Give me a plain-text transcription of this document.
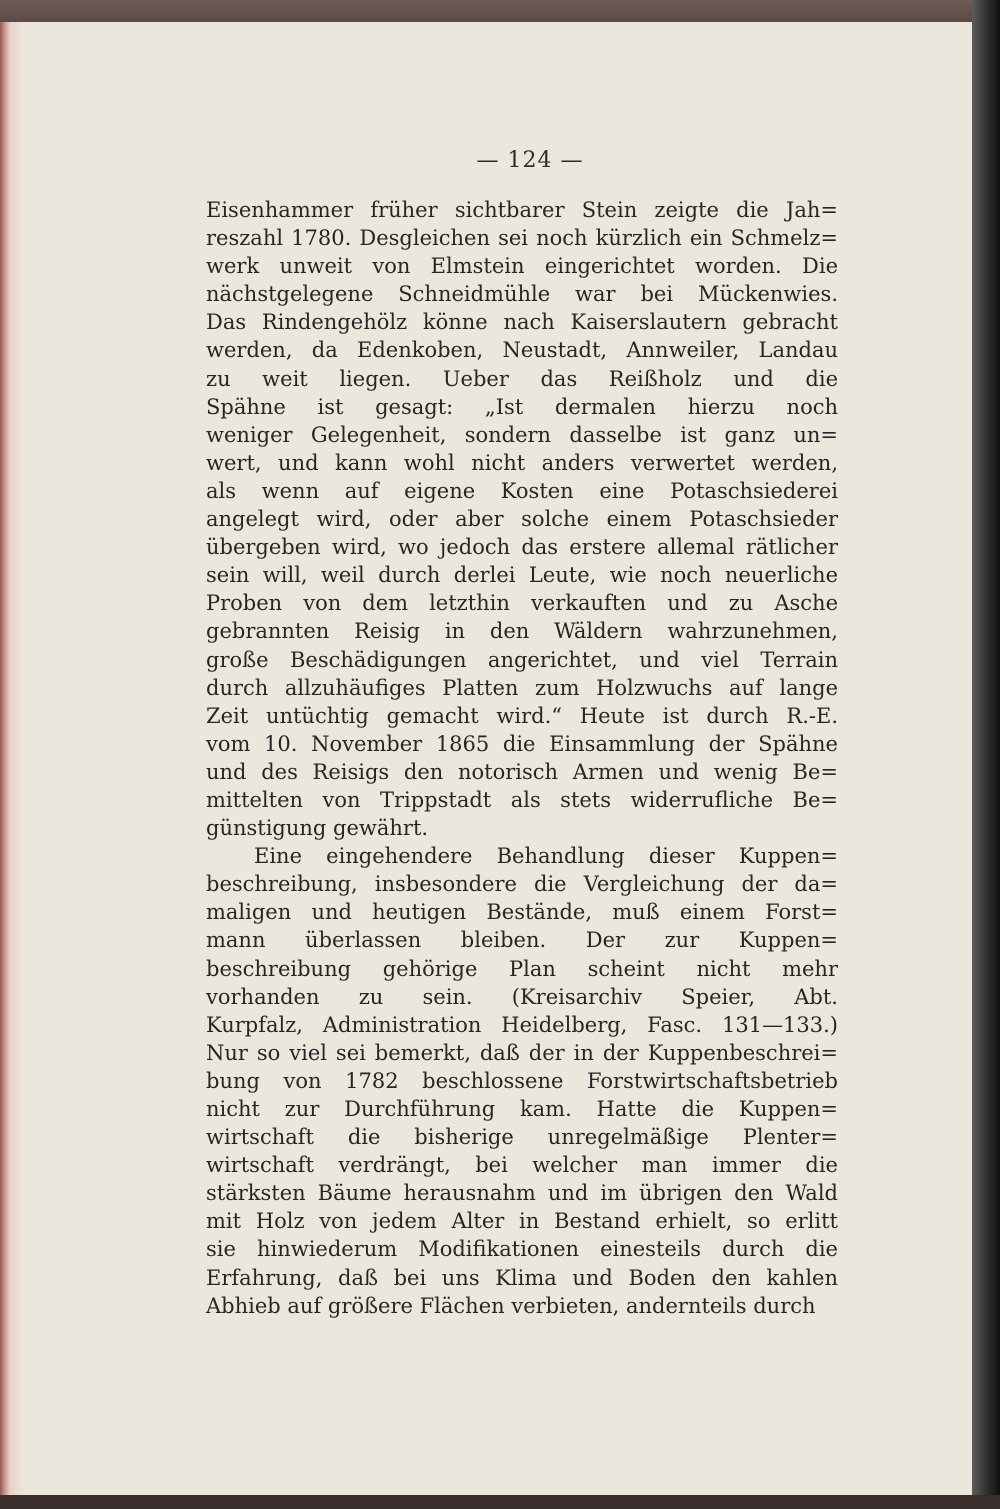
— 124 —
Eisenhammer früher sichtbarer Stein zeigte die Jah=
reszahl 1780. Desgleichen sei noch kürzlich ein Schmelz=
werk unweit von Elmstein eingerichtet worden. Die
nächstgelegene Schneidmühle war bei Mückenwies.
Das Rindengehölz könne nach Kaiserslautern gebracht
werden, da Edenkoben, Neustadt, Annweiler, Landau
zu weit liegen. Ueber das Reißholz und die
Spähne ist gesagt: „Ist dermalen hierzu noch
weniger Gelegenheit, sondern dasselbe ist ganz un=
wert, und kann wohl nicht anders verwertet werden,
als wenn auf eigene Kosten eine Potaschsiederei
angelegt wird, oder aber solche einem Potaschsieder
übergeben wird, wo jedoch das erstere allemal rätlicher
sein will, weil durch derlei Leute, wie noch neuerliche
Proben von dem letzthin verkauften und zu Asche
gebrannten Reisig in den Wäldern wahrzunehmen,
große Beschädigungen angerichtet, und viel Terrain
durch allzuhäufiges Platten zum Holzwuchs auf lange
Zeit untüchtig gemacht wird.“ Heute ist durch R.-E.
vom 10. November 1865 die Einsammlung der Spähne
und des Reisigs den notorisch Armen und wenig Be=
mittelten von Trippstadt als stets widerrufliche Be=
günstigung gewährt.
Eine eingehendere Behandlung dieser Kuppen=
beschreibung, insbesondere die Vergleichung der da=
maligen und heutigen Bestände, muß einem Forst=
mann überlassen bleiben. Der zur Kuppen=
beschreibung gehörige Plan scheint nicht mehr
vorhanden zu sein. (Kreisarchiv Speier, Abt.
Kurpfalz, Administration Heidelberg, Fasc. 131—133.)
Nur so viel sei bemerkt, daß der in der Kuppenbeschrei=
bung von 1782 beschlossene Forstwirtschaftsbetrieb
nicht zur Durchführung kam. Hatte die Kuppen=
wirtschaft die bisherige unregelmäßige Plenter=
wirtschaft verdrängt, bei welcher man immer die
stärksten Bäume herausnahm und im übrigen den Wald
mit Holz von jedem Alter in Bestand erhielt, so erlitt
sie hinwiederum Modifikationen einesteils durch die
Erfahrung, daß bei uns Klima und Boden den kahlen
Abhieb auf größere Flächen verbieten, andernteils durch
